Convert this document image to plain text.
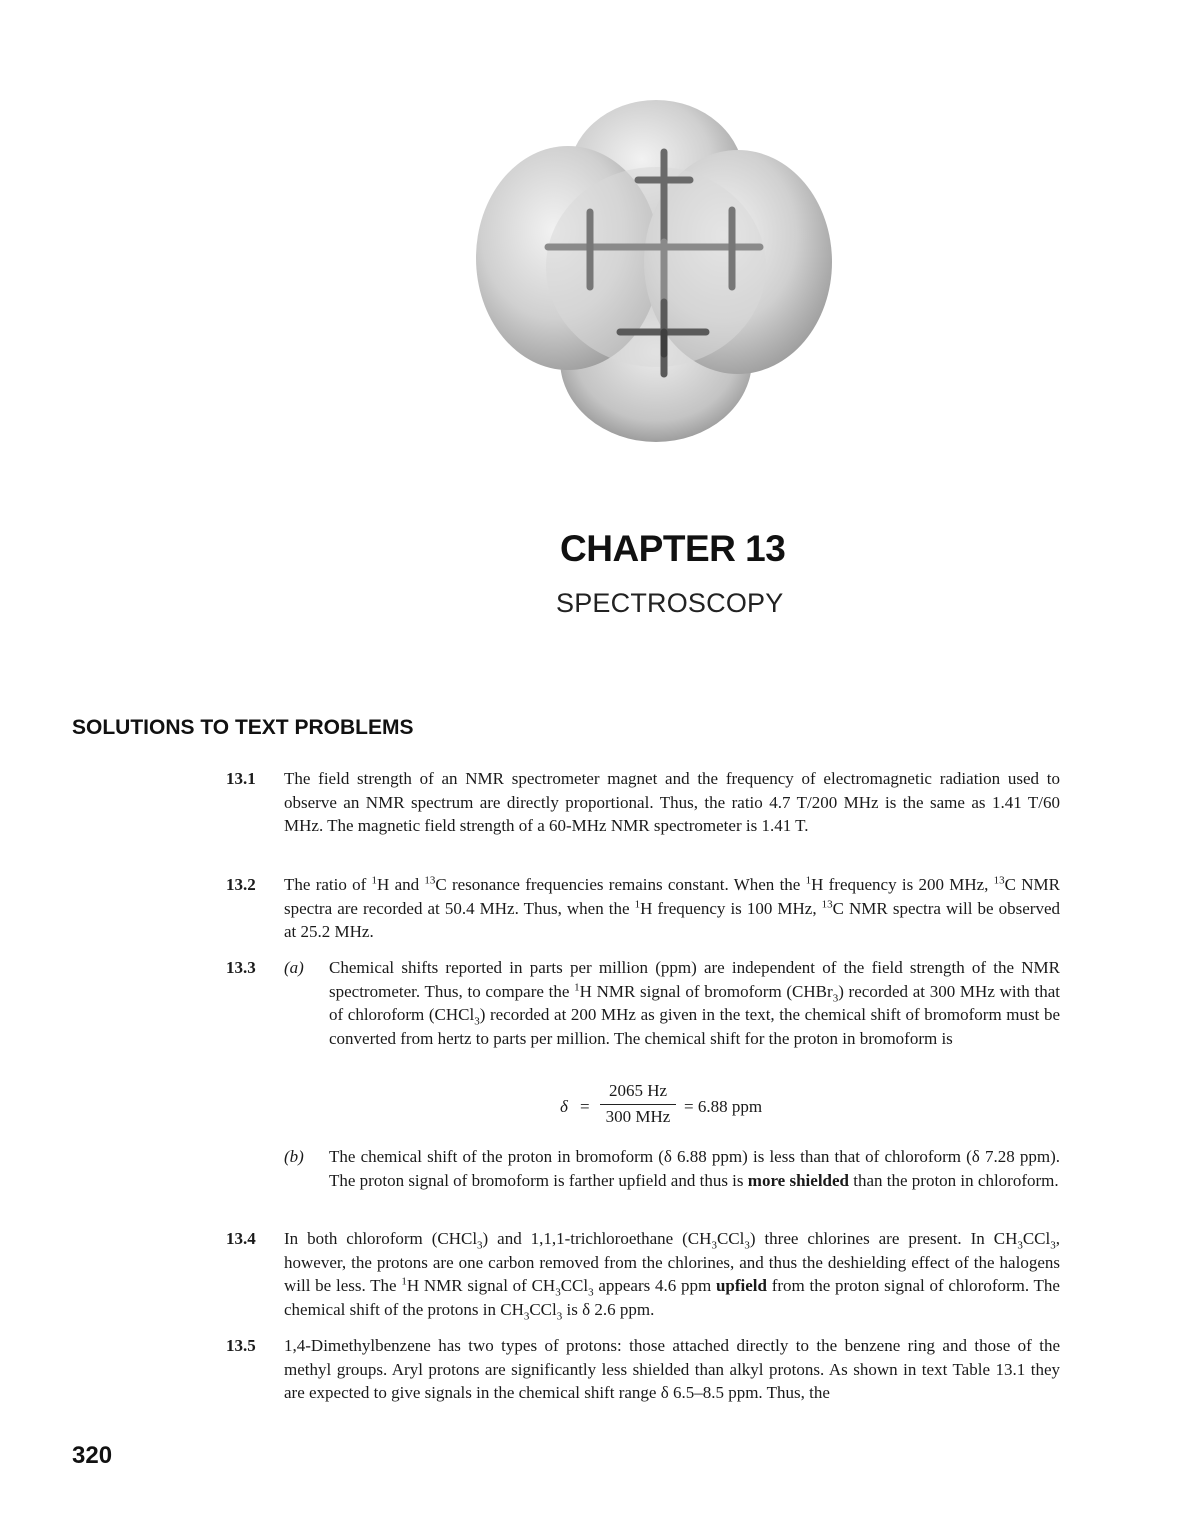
CHAPTER 13
SPECTROSCOPY
SOLUTIONS TO TEXT PROBLEMS
13.1	The field strength of an NMR spectrometer magnet and the frequency of electromagnetic radiation used to observe an NMR spectrum are directly proportional. Thus, the ratio 4.7 T/200 MHz is the same as 1.41 T/60 MHz. The magnetic field strength of a 60-MHz NMR spectrometer is 1.41 T.
13.2	The ratio of $^1$H and $^{13}$C resonance frequencies remains constant. When the $^1$H frequency is 200 MHz, $^{13}$C NMR spectra are recorded at 50.4 MHz. Thus, when the $^1$H frequency is 100 MHz, $^{13}$C NMR spectra will be observed at 25.2 MHz.
13.3	(a)	Chemical shifts reported in parts per million (ppm) are independent of the field strength of the NMR spectrometer. Thus, to compare the $^1$H NMR signal of bromoform (CHBr$_3$) recorded at 300 MHz with that of chloroform (CHCl$_3$) recorded at 200 MHz as given in the text, the chemical shift of bromoform must be converted from hertz to parts per million. The chemical shift for the proton in bromoform is
δ =
2065 Hz
300 MHz
= 6.88 ppm
(b)	The chemical shift of the proton in bromoform (δ 6.88 ppm) is less than that of chloroform (δ 7.28 ppm). The proton signal of bromoform is farther upfield and thus is more shielded than the proton in chloroform.
13.4	In both chloroform (CHCl$_3$) and 1,1,1-trichloroethane $(CH_3CCl_3)$ three chlorines are present. In $CH_3CCl_3$, however, the protons are one carbon removed from the chlorines, and thus the deshielding effect of the halogens will be less. The $^1$H NMR signal of $CH_3CCl_3$ appears 4.6 ppm upfield from the proton signal of chloroform. The chemical shift of the protons in $CH_3CCl_3$ is δ 2.6 ppm.
13.5	1,4-Dimethylbenzene has two types of protons: those attached directly to the benzene ring and those of the methyl groups. Aryl protons are significantly less shielded than alkyl protons. As shown in text Table 13.1 they are expected to give signals in the chemical shift range δ 6.5–8.5 ppm. Thus, the
320
